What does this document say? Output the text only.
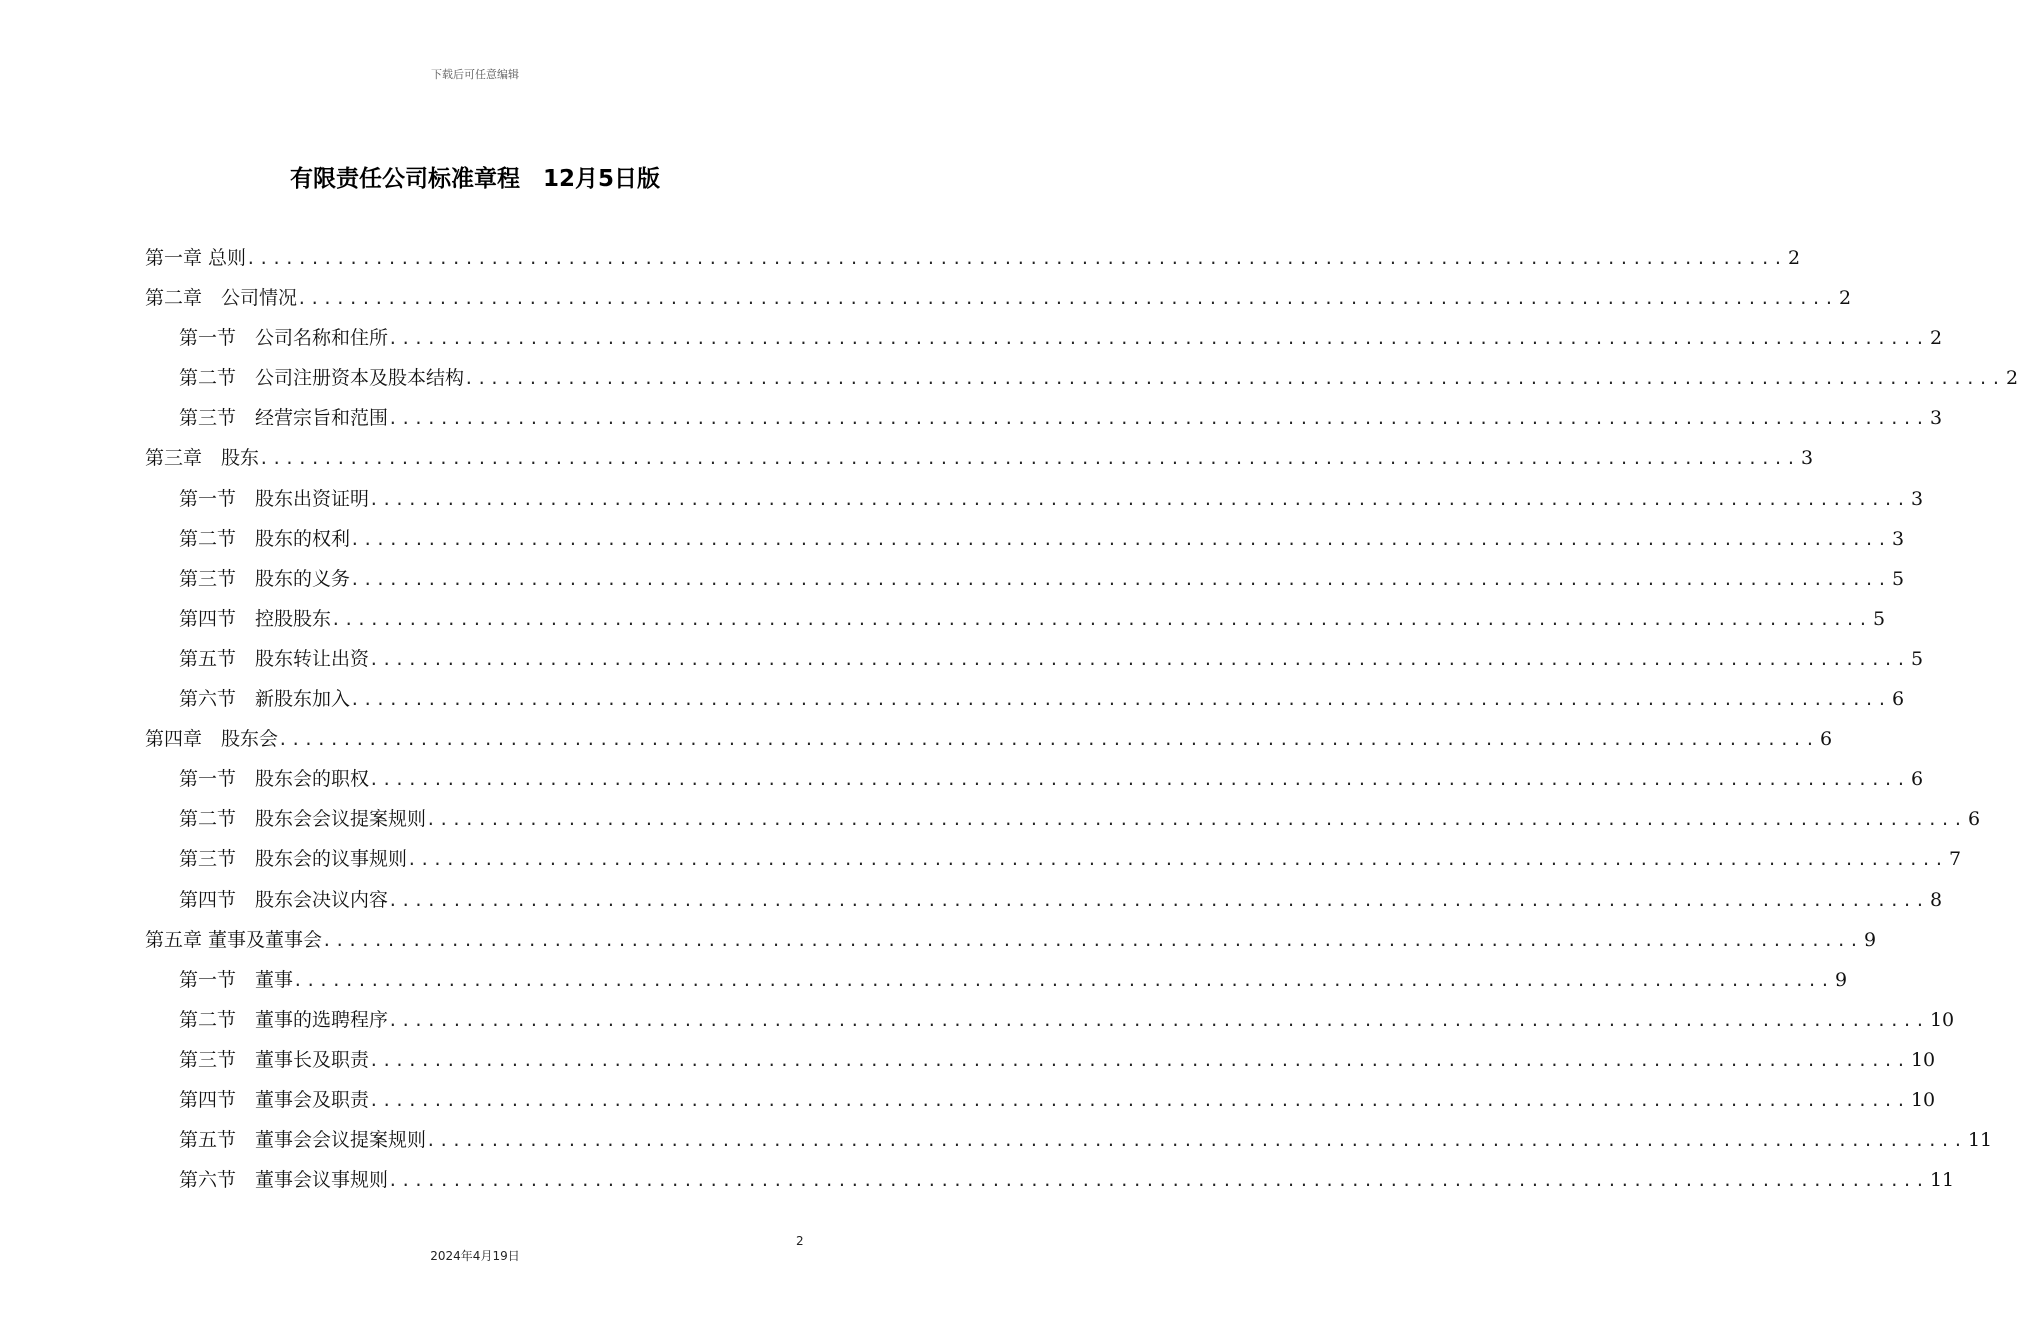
下载后可任意编辑
有限责任公司标准章程　12月5日版
第一章 总则 ........................................................................................................................ 2
第二章　公司情况 ........................................................................................................................ 2
第一节　公司名称和住所 ........................................................................................................................ 2
第二节　公司注册资本及股本结构 ........................................................................................................................ 2
第三节　经营宗旨和范围 ........................................................................................................................ 3
第三章　股东 ........................................................................................................................ 3
第一节　股东出资证明 ........................................................................................................................ 3
第二节　股东的权利 ........................................................................................................................ 3
第三节　股东的义务 ........................................................................................................................ 5
第四节　控股股东 ........................................................................................................................ 5
第五节　股东转让出资 ........................................................................................................................ 5
第六节　新股东加入 ........................................................................................................................ 6
第四章　股东会 ........................................................................................................................ 6
第一节　股东会的职权 ........................................................................................................................ 6
第二节　股东会会议提案规则 ........................................................................................................................ 6
第三节　股东会的议事规则 ........................................................................................................................ 7
第四节　股东会决议内容 ........................................................................................................................ 8
第五章 董事及董事会 ........................................................................................................................ 9
第一节　董事 ........................................................................................................................ 9
第二节　董事的选聘程序 ........................................................................................................................ 10
第三节　董事长及职责 ........................................................................................................................ 10
第四节　董事会及职责 ........................................................................................................................ 10
第五节　董事会会议提案规则 ........................................................................................................................ 11
第六节　董事会议事规则 ........................................................................................................................ 11
2
2024年4月19日
